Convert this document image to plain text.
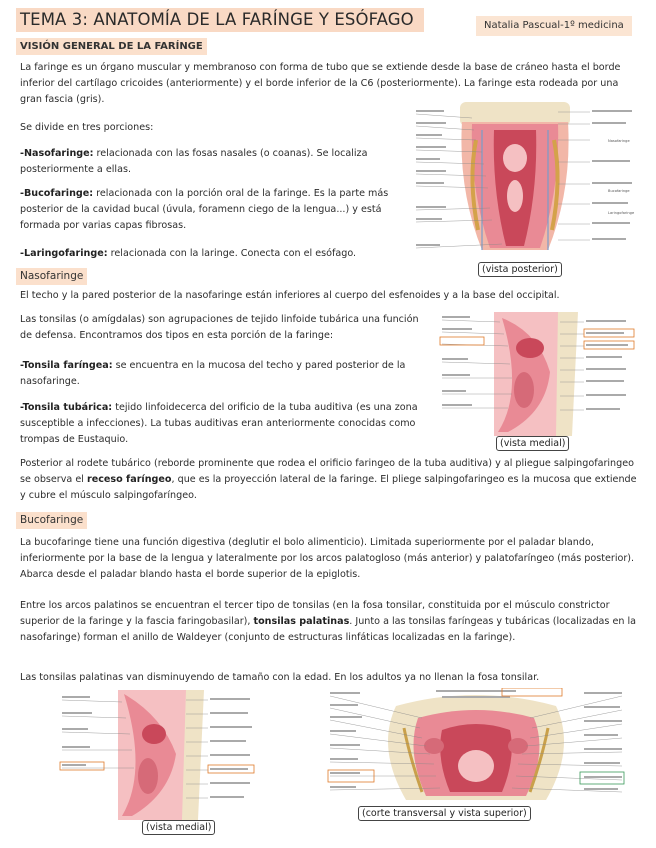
TEMA 3: ANATOMÍA DE LA FARÍNGE Y ESÓFAGO	Natalia Pascual-1º medicina
VISIÓN GENERAL DE LA FARÍNGE
La faringe es un órgano muscular y membranoso con forma de tubo que se extiende desde la base de cráneo hasta el borde inferior del cartílago cricoides (anteriormente) y el borde inferior de la C6 (posteriormente). La faringe esta rodeada por una gran fascia (gris).
Se divide en tres porciones:
-Nasofaringe: relacionada con las fosas nasales (o coanas). Se localiza posteriormente a ellas.
-Bucofaringe: relacionada con la porción oral de la faringe. Es la parte más posterior de la cavidad bucal (úvula, foramenn ciego de la lengua...) y está formada por varias capas fibrosas.
-Laringofaringe: relacionada con la laringe. Conecta con el esófago.
Nasofaringe
Bucofaringe
Laringofaringe
(vista posterior)
Nasofaringe
El techo y la pared posterior de la nasofaringe están inferiores al cuerpo del esfenoides y a la base del occipital.
Las tonsilas (o amígdalas) son agrupaciones de tejido linfoide tubárica una función de defensa. Encontramos dos tipos en esta porción de la faringe:
-Tonsila faríngea: se encuentra en la mucosa del techo y pared posterior de la nasofaringe.
-Tonsila tubárica: tejido linfoidecerca del orificio de la tuba auditiva (es una zona susceptible a infecciones). La tubas auditivas eran anteriormente conocidas como trompas de Eustaquio.	(vista medial)
Posterior al rodete tubárico (reborde prominente que rodea el orificio faringeo de la tuba auditiva) y al pliegue salpingofaringeo se observa el receso faríngeo, que es la proyección lateral de la faringe. El pliege salpingofaringeo es la mucosa que extiende y cubre el músculo salpingofaríngeo.
Bucofaringe
La bucofaringe tiene una función digestiva (deglutir el bolo alimenticio). Limitada superiormente por el paladar blando, inferiormente por la base de la lengua y lateralmente por los arcos palatogloso (más anterior) y palatofaríngeo (más posterior). Abarca desde el paladar blando hasta el borde superior de la epiglotis.
Entre los arcos palatinos se encuentran el tercer tipo de tonsilas (en la fosa tonsilar, constituida por el músculo constrictor superior de la faringe y la fascia faringobasilar), tonsilas palatinas. Junto a las tonsilas faríngeas y tubáricas (localizadas en la nasofaringe) forman el anillo de Waldeyer (conjunto de estructuras linfáticas localizadas en la faringe).
Las tonsilas palatinas van disminuyendo de tamaño con la edad. En los adultos ya no llenan la fosa tonsilar.
(vista medial)
(corte transversal y vista superior)
